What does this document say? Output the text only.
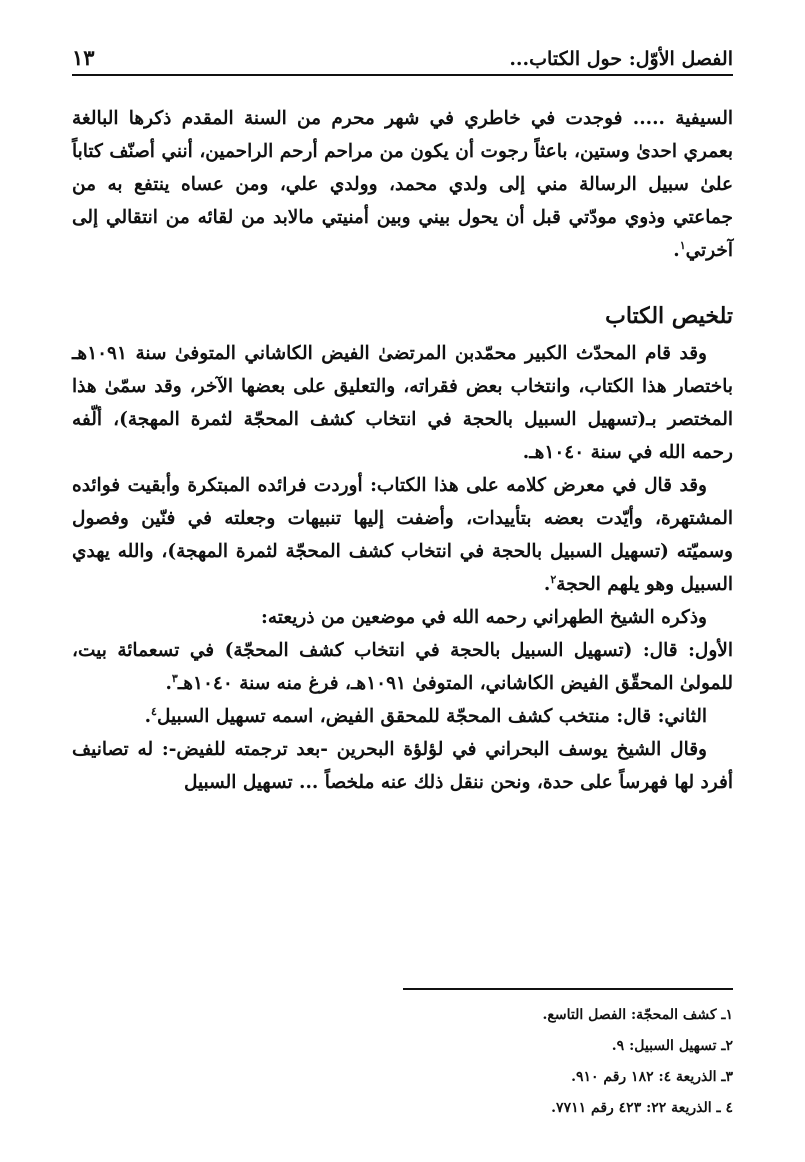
الفصل الأوّل: حول الكتاب...
١٣

السيفية ..... فوجدت في خاطري في شهر محرم من السنة المقدم ذكرها البالغة بعمري احدىٰ وستين، باعثاً رجوت أن يكون من مراحم أرحم الراحمين، أنني أصنّف كتاباً علىٰ سبيل الرسالة مني إلى ولدي محمد، وولدي علي، ومن عساه ينتفع به من جماعتي وذوي مودّتي قبل أن يحول بيني وبين أمنيتي مالابد من لقائه من انتقالي إلى آخرتي$^١$.

تلخيص الكتاب

وقد قام المحدّث الكبير محمّدبن المرتضىٰ الفيض الكاشاني المتوفىٰ سنة ١٠٩١هـ باختصار هذا الكتاب، وانتخاب بعض فقراته، والتعليق على بعضها الآخر، وقد سمّىٰ هذا المختصر بـ(تسهيل السبيل بالحجة في انتخاب كشف المحجّة لثمرة المهجة)، ألّفه رحمه الله في سنة ١٠٤٠هـ.

وقد قال في معرض كلامه على هذا الكتاب: أوردت فرائده المبتكرة وأبقيت فوائده المشتهرة، وأيّدت بعضه بتأييدات، وأضفت إليها تنبيهات وجعلته في فنّين وفصول وسميّته (تسهيل السبيل بالحجة في انتخاب كشف المحجّة لثمرة المهجة)، والله يهدي السبيل وهو يلهم الحجة$^٢$.

وذكره الشيخ الطهراني رحمه الله في موضعين من ذريعته:

الأول: قال: (تسهيل السبيل بالحجة في انتخاب كشف المحجّة) في تسعمائة بيت، للمولىٰ المحقّق الفيض الكاشاني، المتوفىٰ ١٠٩١هـ، فرغ منه سنة ١٠٤٠هـ$^٣$.

الثاني: قال: منتخب كشف المحجّة للمحقق الفيض، اسمه تسهيل السبيل$^٤$.

وقال الشيخ يوسف البحراني في لؤلؤة البحرين -بعد ترجمته للفيض-: له تصانيف أفرد لها فهرساً على حدة، ونحن ننقل ذلك عنه ملخصاً ... تسهيل السبيل

١ـ كشف المحجّة: الفصل التاسع.
٢ـ تسهيل السبيل: ٩.
٣ـ الذريعة ٤: ١٨٢ رقم ٩١٠.
٤ ـ الذريعة ٢٢: ٤٢٣ رقم ٧٧١١.
